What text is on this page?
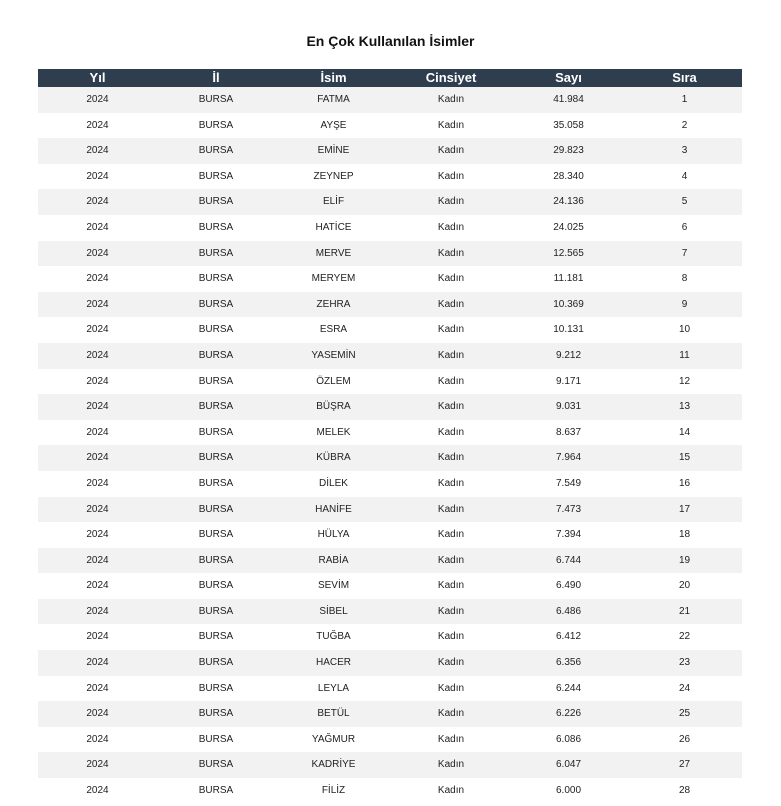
En Çok Kullanılan İsimler
Yıl	İl	İsim	Cinsiyet	Sayı	Sıra
2024	BURSA	FATMA	Kadın	41.984	1
2024	BURSA	AYŞE	Kadın	35.058	2
2024	BURSA	EMİNE	Kadın	29.823	3
2024	BURSA	ZEYNEP	Kadın	28.340	4
2024	BURSA	ELİF	Kadın	24.136	5
2024	BURSA	HATİCE	Kadın	24.025	6
2024	BURSA	MERVE	Kadın	12.565	7
2024	BURSA	MERYEM	Kadın	11.181	8
2024	BURSA	ZEHRA	Kadın	10.369	9
2024	BURSA	ESRA	Kadın	10.131	10
2024	BURSA	YASEMİN	Kadın	9.212	11
2024	BURSA	ÖZLEM	Kadın	9.171	12
2024	BURSA	BÜŞRA	Kadın	9.031	13
2024	BURSA	MELEK	Kadın	8.637	14
2024	BURSA	KÜBRA	Kadın	7.964	15
2024	BURSA	DİLEK	Kadın	7.549	16
2024	BURSA	HANİFE	Kadın	7.473	17
2024	BURSA	HÜLYA	Kadın	7.394	18
2024	BURSA	RABİA	Kadın	6.744	19
2024	BURSA	SEVİM	Kadın	6.490	20
2024	BURSA	SİBEL	Kadın	6.486	21
2024	BURSA	TUĞBA	Kadın	6.412	22
2024	BURSA	HACER	Kadın	6.356	23
2024	BURSA	LEYLA	Kadın	6.244	24
2024	BURSA	BETÜL	Kadın	6.226	25
2024	BURSA	YAĞMUR	Kadın	6.086	26
2024	BURSA	KADRİYE	Kadın	6.047	27
2024	BURSA	FİLİZ	Kadın	6.000	28
